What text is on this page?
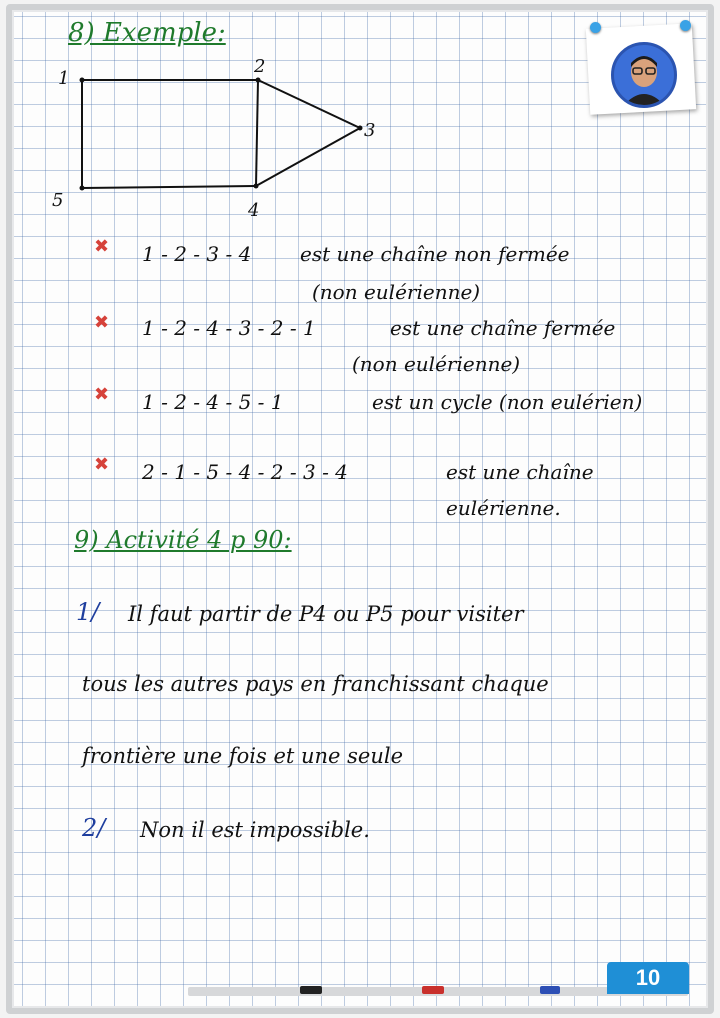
8) Exemple:
1
2
3
4
5
✖ 1 - 2 - 3 - 4 est une chaîne non fermée
(non eulérienne)
✖ 1 - 2 - 4 - 3 - 2 - 1	est une chaîne fermée
(non eulérienne)
✖ 1 - 2 - 4 - 5 - 1	est un cycle (non eulérien)
✖ 2 - 1 - 5 - 4 - 2 - 3 - 4	est une chaîne
eulérienne.
9) Activité 4 p 90:
1/ Il faut partir de P4 ou P5 pour visiter
tous les autres pays en franchissant chaque
frontière une fois et une seule
2/ Non il est impossible.
10
